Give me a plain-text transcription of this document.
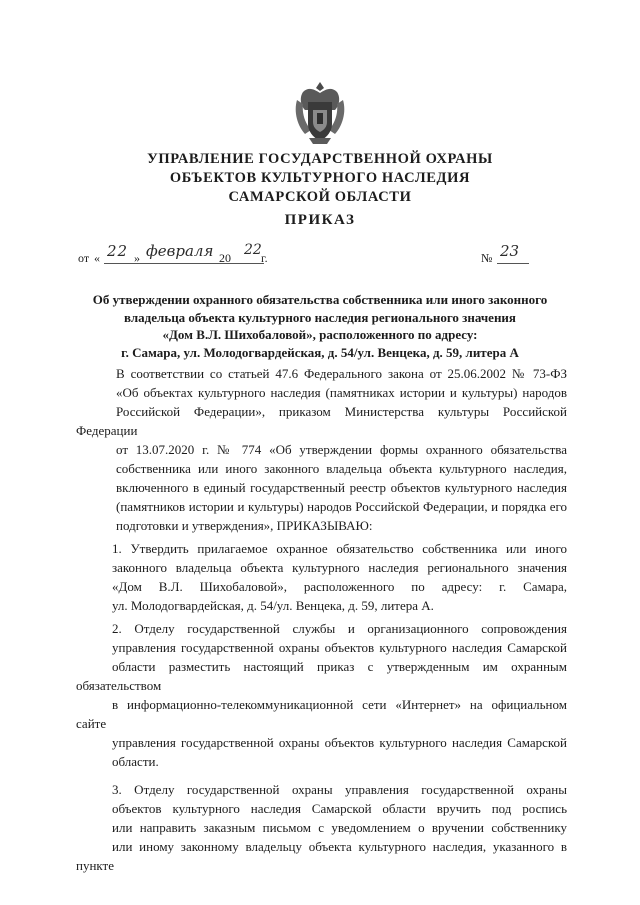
УПРАВЛЕНИЕ ГОСУДАРСТВЕННОЙ ОХРАНЫ
ОБЪЕКТОВ КУЛЬТУРНОГО НАСЛЕДИЯ
САМАРСКОЙ ОБЛАСТИ
ПРИКАЗ
от « 22 » февраля 20 22 г.	№ 23
Об утверждении охранного обязательства собственника или иного законного
владельца объекта культурного наследия регионального значения
«Дом В.Л. Шихобаловой», расположенного по адресу:
г. Самара, ул. Молодогвардейская, д. 54/ул. Венцека, д. 59, литера А

В соответствии со статьей 47.6 Федерального закона от 25.06.2002 № 73-ФЗ
«Об объектах культурного наследия (памятниках истории и культуры) народов
Российской Федерации», приказом Министерства культуры Российской Федерации
от 13.07.2020 г. № 774 «Об утверждении формы охранного обязательства
собственника или иного законного владельца объекта культурного наследия,
включенного в единый государственный реестр объектов культурного наследия
(памятников истории и культуры) народов Российской Федерации, и порядка его
подготовки и утверждения», ПРИКАЗЫВАЮ:

1. Утвердить прилагаемое охранное обязательство собственника или иного
законного владельца объекта культурного наследия регионального значения
«Дом В.Л. Шихобаловой», расположенного по адресу: г. Самара,
ул. Молодогвардейская, д. 54/ул. Венцека, д. 59, литера А.

2. Отделу государственной службы и организационного сопровождения
управления государственной охраны объектов культурного наследия Самарской
области разместить настоящий приказ с утвержденным им охранным обязательством
в информационно-телекоммуникационной сети «Интернет» на официальном сайте
управления государственной охраны объектов культурного наследия Самарской
области.

3. Отделу государственной охраны управления государственной охраны
объектов культурного наследия Самарской области вручить под роспись
или направить заказным письмом с уведомлением о вручении собственнику
или иному законному владельцу объекта культурного наследия, указанного в пункте
